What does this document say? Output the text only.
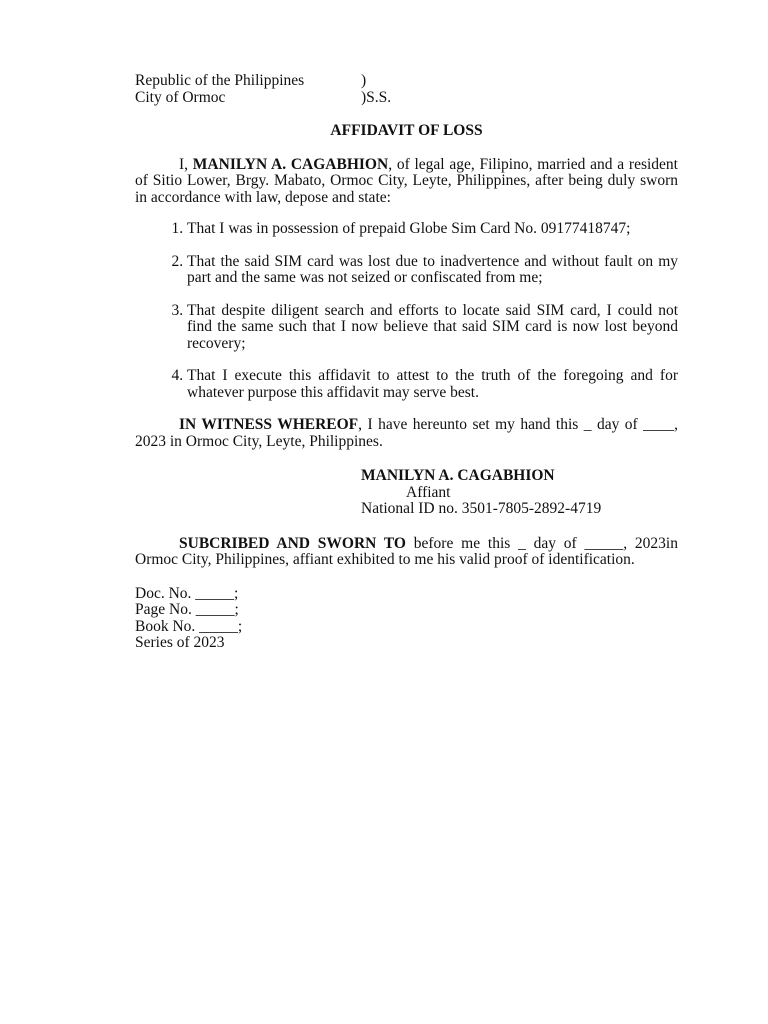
Republic of the Philippines	)
City of Ormoc	)S.S.
AFFIDAVIT OF LOSS
I, MANILYN A. CAGABHION, of legal age, Filipino, married and a resident of Sitio Lower, Brgy. Mabato, Ormoc City, Leyte, Philippines, after being duly sworn in accordance with law, depose and state:
1. That I was in possession of prepaid Globe Sim Card No. 09177418747;
2. That the said SIM card was lost due to inadvertence and without fault on my part and the same was not seized or confiscated from me;
3. That despite diligent search and efforts to locate said SIM card, I could not find the same such that I now believe that said SIM card is now lost beyond recovery;
4. That I execute this affidavit to attest to the truth of the foregoing and for whatever purpose this affidavit may serve best.
IN WITNESS WHEREOF, I have hereunto set my hand this _ day of ____, 2023 in Ormoc City, Leyte, Philippines.
MANILYN A. CAGABHION
Affiant
National ID no. 3501-7805-2892-4719
SUBCRIBED AND SWORN TO before me this _ day of _____, 2023in Ormoc City, Philippines, affiant exhibited to me his valid proof of identification.
Doc. No. _____;
Page No. _____;
Book No. _____;
Series of 2023
